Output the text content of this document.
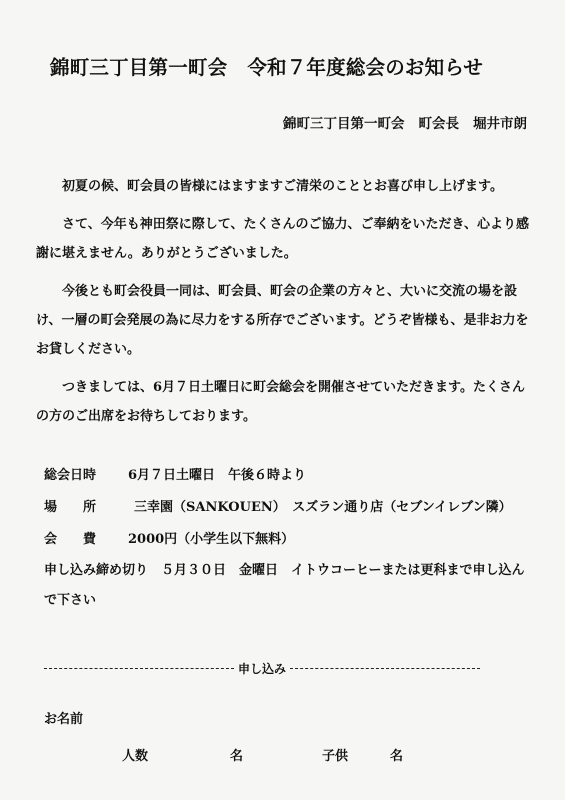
錦町三丁目第一町会 令和７年度総会のお知らせ
錦町三丁目第一町会 町会長 堀井市朗

初夏の候、町会員の皆様にはますますご清栄のこととお喜び申し上げます。

さて、今年も神田祭に際して、たくさんのご協力、ご奉納をいただき、心より感謝に堪えません。ありがとうございました。

今後とも町会役員一同は、町会員、町会の企業の方々と、大いに交流の場を設け、一層の町会発展の為に尽力をする所存でございます。どうぞ皆様も、是非お力をお貸しください。

つきましては、6月７日土曜日に町会総会を開催させていただきます。たくさんの方のご出席をお待ちしております。

総会日時 6月７日土曜日　午後６時より
場　　所	三幸園（SANKOUEN）　スズラン通り店（セブンイレブン隣）
会　　費 2000円（小学生以下無料）
申し込み締め切り　５月３０日　金曜日　イトウコーヒーまたは更科まで申し込んで下さい
申し込み
お名前
人数	名	子供	名
